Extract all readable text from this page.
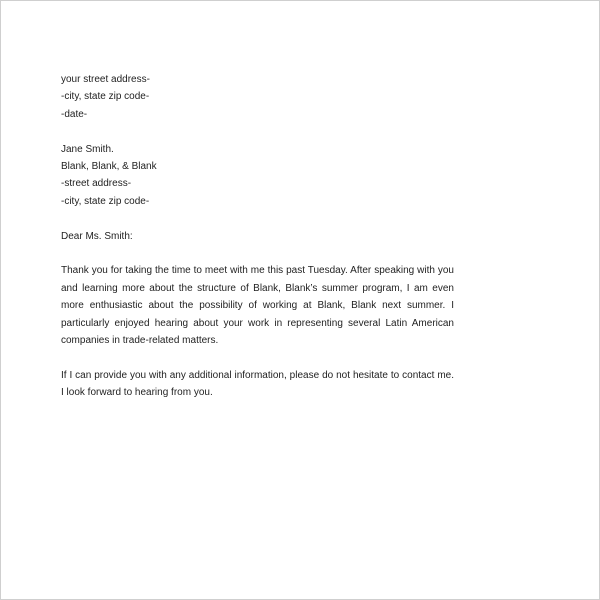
your street address-
-city, state zip code-
-date-
Jane Smith.
Blank, Blank, & Blank
-street address-
-city, state zip code-
Dear Ms. Smith:

Thank you for taking the time to meet with me this past Tuesday. After speaking with you and learning more about the structure of Blank, Blank’s summer program, I am even more enthusiastic about the possibility of working at Blank, Blank next summer. I particularly enjoyed hearing about your work in representing several Latin American companies in trade-related matters.

If I can provide you with any additional information, please do not hesitate to contact me. I look forward to hearing from you.
